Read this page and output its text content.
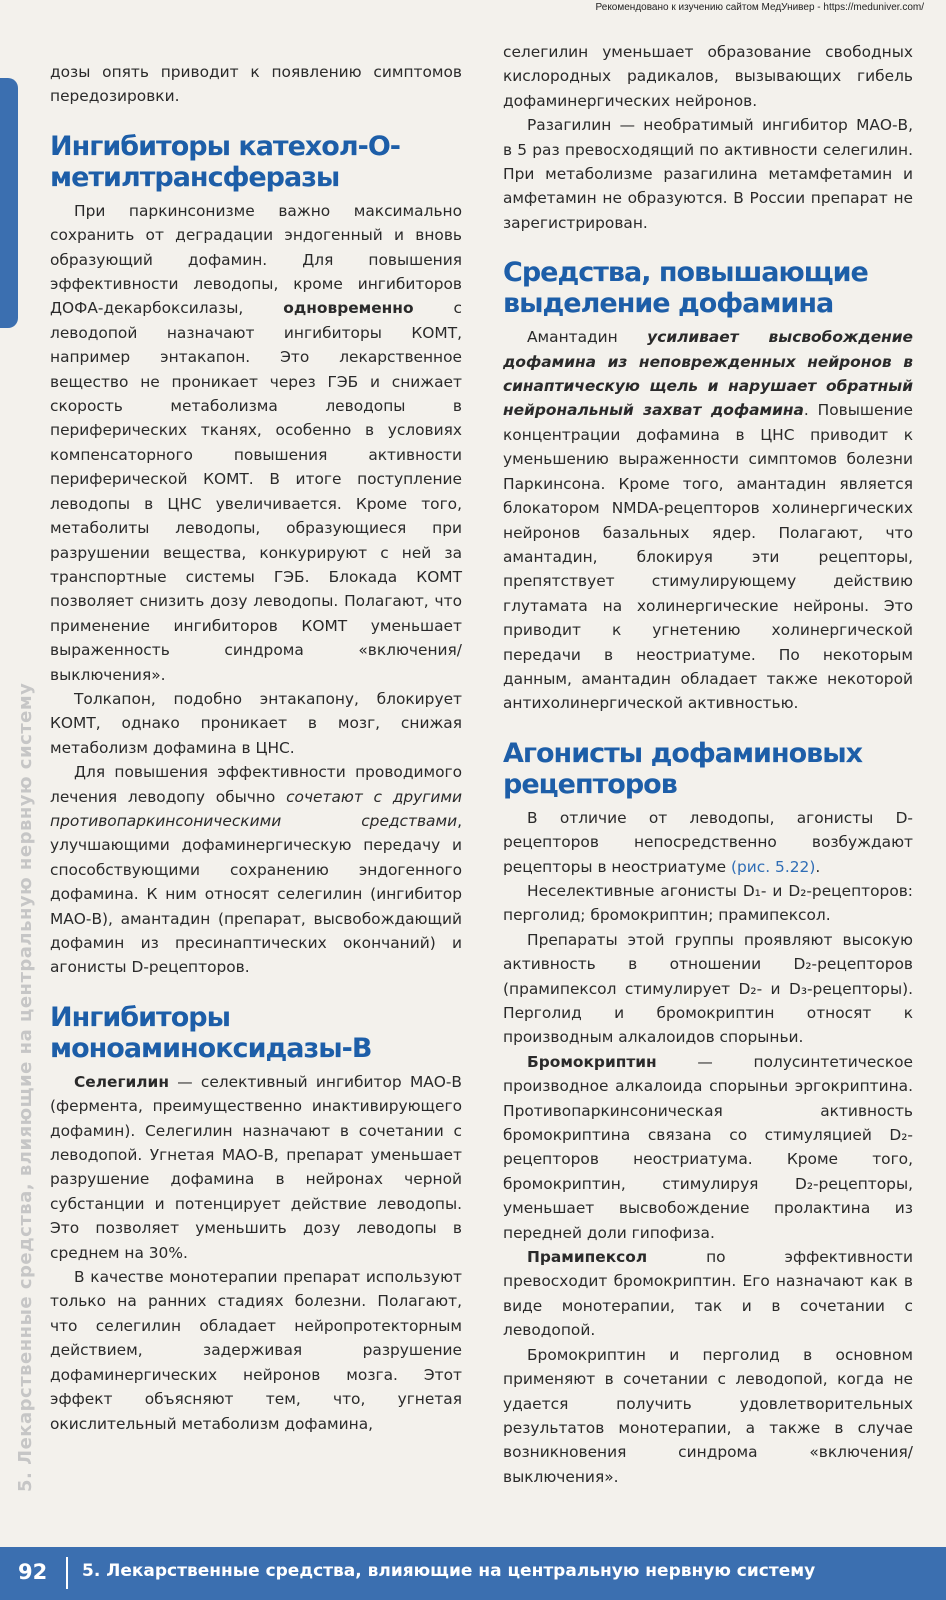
Рекомендовано к изучению сайтом МедУнивер - https://meduniver.com/
5. Лекарственные средства, влияющие на центральную нервную систему

дозы опять приводит к появлению симптомов передозировки.

Ингибиторы катехол-О-метилтрансферазы

При паркинсонизме важно максимально сохранить от деградации эндогенный и вновь образующий дофамин. Для повышения эффективности леводопы, кроме ингибиторов ДОФА-декарбоксилазы, одновременно с леводопой назначают ингибиторы КОМТ, например энтакапон. Это лекарственное вещество не проникает через ГЭБ и снижает скорость метаболизма леводопы в периферических тканях, особенно в условиях компенсаторного повышения активности периферической КОМТ. В итоге поступление леводопы в ЦНС увеличивается. Кроме того, метаболиты леводопы, образующиеся при разрушении вещества, конкурируют с ней за транспортные системы ГЭБ. Блокада КОМТ позволяет снизить дозу леводопы. Полагают, что применение ингибиторов КОМТ уменьшает выраженность синдрома «включения/выключения».

Толкапон, подобно энтакапону, блокирует КОМТ, однако проникает в мозг, снижая метаболизм дофамина в ЦНС.

Для повышения эффективности проводимого лечения леводопу обычно сочетают с другими противопаркинсоническими средствами, улучшающими дофаминергическую передачу и способствующими сохранению эндогенного дофамина. К ним относят селегилин (ингибитор МАО-В), амантадин (препарат, высвобождающий дофамин из пресинаптических окончаний) и агонисты D-рецепторов.

Ингибиторы моноаминоксидазы-В

Селегилин — селективный ингибитор МАО-В (фермента, преимущественно инактивирующего дофамин). Селегилин назначают в сочетании с леводопой. Угнетая МАО-В, препарат уменьшает разрушение дофамина в нейронах черной субстанции и потенцирует действие леводопы. Это позволяет уменьшить дозу леводопы в среднем на 30%.

В качестве монотерапии препарат используют только на ранних стадиях болезни. Полагают, что селегилин обладает нейропротекторным действием, задерживая разрушение дофаминергических нейронов мозга. Этот эффект объясняют тем, что, угнетая окислительный метаболизм дофамина,

селегилин уменьшает образование свободных кислородных радикалов, вызывающих гибель дофаминергических нейронов.

Разагилин — необратимый ингибитор МАО-В, в 5 раз превосходящий по активности селегилин. При метаболизме разагилина метамфетамин и амфетамин не образуются. В России препарат не зарегистрирован.

Средства, повышающие выделение дофамина

Амантадин усиливает высвобождение дофамина из неповрежденных нейронов в синаптическую щель и нарушает обратный нейрональный захват дофамина. Повышение концентрации дофамина в ЦНС приводит к уменьшению выраженности симптомов болезни Паркинсона. Кроме того, амантадин является блокатором NMDA-рецепторов холинергических нейронов базальных ядер. Полагают, что амантадин, блокируя эти рецепторы, препятствует стимулирующему действию глутамата на холинергические нейроны. Это приводит к угнетению холинергической передачи в неостриатуме. По некоторым данным, амантадин обладает также некоторой антихолинергической активностью.

Агонисты дофаминовых рецепторов

В отличие от леводопы, агонисты D-рецепторов непосредственно возбуждают рецепторы в неостриатуме (рис. 5.22).

Неселективные агонисты D₁- и D₂-рецепторов: перголид; бромокриптин; прамипексол.

Препараты этой группы проявляют высокую активность в отношении D₂-рецепторов (прамипексол стимулирует D₂- и D₃-рецепторы). Перголид и бромокриптин относят к производным алкалоидов спорыньи.

Бромокриптин — полусинтетическое производное алкалоида спорыньи эргокриптина. Противопаркинсоническая активность бромокриптина связана со стимуляцией D₂-рецепторов неостриатума. Кроме того, бромокриптин, стимулируя D₂-рецепторы, уменьшает высвобождение пролактина из передней доли гипофиза.

Прамипексол по эффективности превосходит бромокриптин. Его назначают как в виде монотерапии, так и в сочетании с леводопой.

Бромокриптин и перголид в основном применяют в сочетании с леводопой, когда не удается получить удовлетворительных результатов монотерапии, а также в случае возникновения синдрома «включения/выключения».

92 5. Лекарственные средства, влияющие на центральную нервную систему
